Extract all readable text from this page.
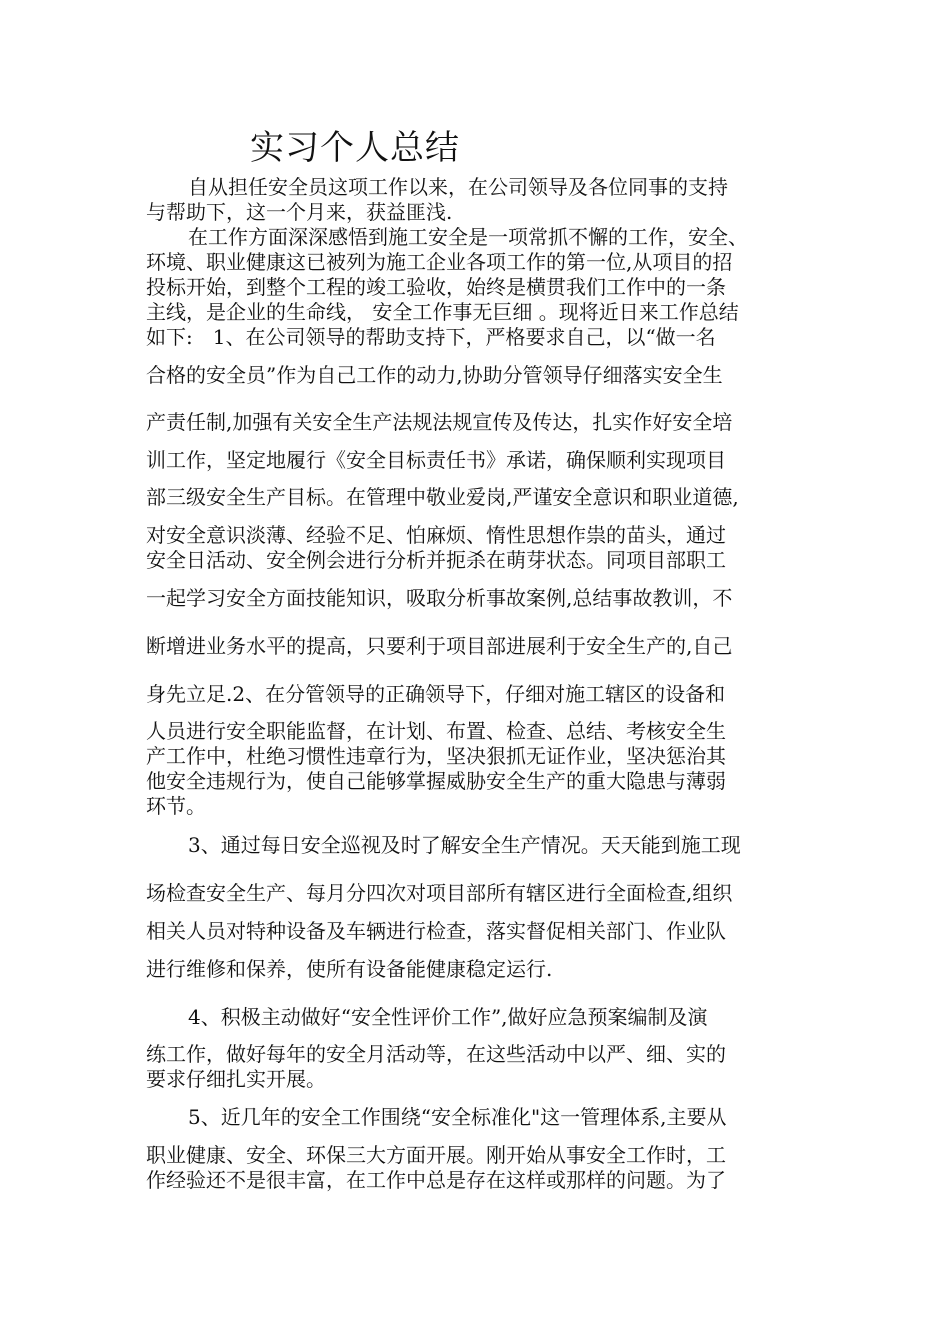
实习个人总结
自从担任安全员这项工作以来，在公司领导及各位同事的支持
与帮助下，这一个月来，获益匪浅.
在工作方面深深感悟到施工安全是一项常抓不懈的工作，安全、
环境、职业健康这已被列为施工企业各项工作的第一位,从项目的招
投标开始，到整个工程的竣工验收，始终是横贯我们工作中的一条
主线，是企业的生命线， 安全工作事无巨细 。现将近日来工作总结
如下:　1、在公司领导的帮助支持下，严格要求自己，以“做一名
合格的安全员”作为自己工作的动力,协助分管领导仔细落实安全生
产责任制,加强有关安全生产法规法规宣传及传达，扎实作好安全培
训工作，坚定地履行《安全目标责任书》承诺，确保顺利实现项目
部三级安全生产目标。在管理中敬业爱岗,严谨安全意识和职业道德,
对安全意识淡薄、经验不足、怕麻烦、惰性思想作祟的苗头，通过
安全日活动、安全例会进行分析并扼杀在萌芽状态。同项目部职工
一起学习安全方面技能知识，吸取分析事故案例,总结事故教训，不
断增进业务水平的提高，只要利于项目部进展利于安全生产的,自己
身先立足.2、在分管领导的正确领导下，仔细对施工辖区的设备和
人员进行安全职能监督，在计划、布置、检查、总结、考核安全生
产工作中，杜绝习惯性违章行为，坚决狠抓无证作业，坚决惩治其
他安全违规行为，使自己能够掌握威胁安全生产的重大隐患与薄弱
环节。
3、通过每日安全巡视及时了解安全生产情况。天天能到施工现
场检查安全生产、每月分四次对项目部所有辖区进行全面检查,组织
相关人员对特种设备及车辆进行检查，落实督促相关部门、作业队
进行维修和保养，使所有设备能健康稳定运行.
4、积极主动做好“安全性评价工作”,做好应急预案编制及演
练工作，做好每年的安全月活动等，在这些活动中以严、细、实的
要求仔细扎实开展。
5、近几年的安全工作围绕“安全标准化"这一管理体系,主要从
职业健康、安全、环保三大方面开展。刚开始从事安全工作时，工
作经验还不是很丰富，在工作中总是存在这样或那样的问题。为了
